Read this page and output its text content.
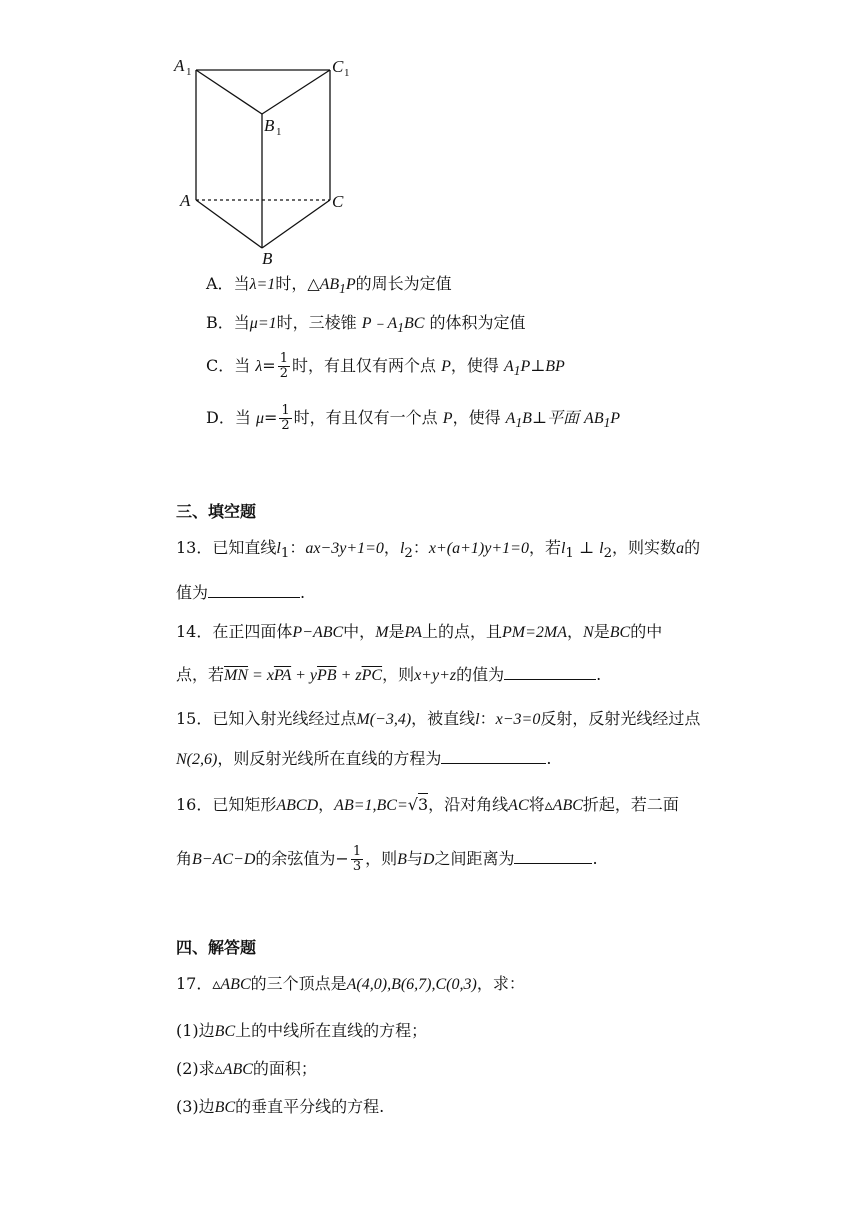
A 1	C 1
B 1
A	C
B
A．当λ=1时，$\triangle AB_1P$的周长为定值
B．当μ=1时，三棱锥 $P﹣A_1BC$ 的体积为定值
C．当 $\lambda= \frac{1}{2}$ 时，有且仅有两个点 P，使得 $A_1P\perp BP$
D．当 $\mu= \frac{1}{2}$ 时，有且仅有一个点 P，使得 $A_1B\perp$平面 $AB_1P$
三、填空题
13．已知直线$l_1$：ax−3y+1=0，$l_2$：x+(a+1)y+1=0，若$l_1$ ⊥ $l_2$，则实数a的
值为	.
14．在正四面体P−ABC中，M是PA上的点，且PM=2MA，N是BC的中
点，若$\overline{MN} = x\overline{PA} + y\overline{PB} + z\overline{PC}$，则x+y+z的值为	.
15．已知入射光线经过点M(−3,4)，被直线l：x−3=0反射，反射光线经过点
N(2,6)，则反射光线所在直线的方程为	.
16．已知矩形ABCD，AB=1,BC=√3，沿对角线AC将▵ABC折起，若二面
角B−AC−D的余弦值为− $\frac{1}{3}$ ，则B与D之间距离为	.
四、解答题
17．▵ABC的三个顶点是A(4,0),B(6,7),C(0,3)，求：
(1)边BC上的中线所在直线的方程；
(2)求▵ABC的面积；
(3)边BC的垂直平分线的方程.
